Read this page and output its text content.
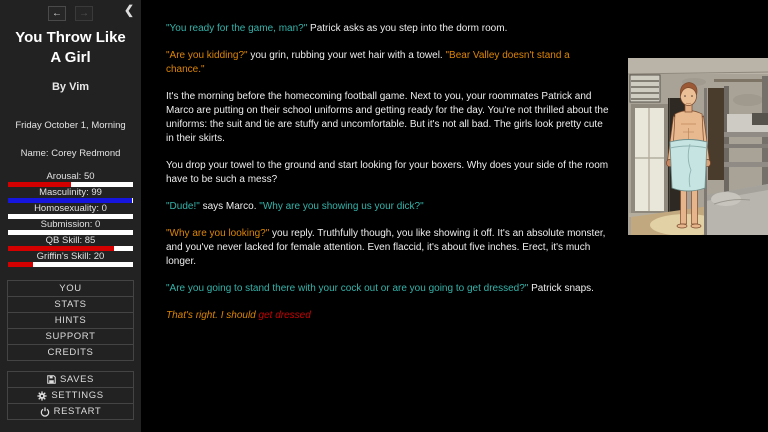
←	→	❮
You Throw Like A Girl
By Vim
Friday October 1, Morning
Name: Corey Redmond
Arousal: 50
Masculinity: 99
Homosexuality: 0
Submission: 0
QB Skill: 85
Griffin's Skill: 20
YOU
STATS
HINTS
SUPPORT
CREDITS
SAVES
SETTINGS
RESTART

"You ready for the game, man?" Patrick asks as you step into the dorm room.

"Are you kidding?" you grin, rubbing your wet hair with a towel. "Bear Valley doesn't stand a chance."

It's the morning before the homecoming football game. Next to you, your roommates Patrick and Marco are putting on their school uniforms and getting ready for the day. You're not thrilled about the uniforms: the suit and tie are stuffy and uncomfortable. But it's not all bad. The girls look pretty cute in their skirts.

You drop your towel to the ground and start looking for your boxers. Why does your side of the room have to be such a mess?

"Dude!" says Marco. "Why are you showing us your dick?"

"Why are you looking?" you reply. Truthfully though, you like showing it off. It's an absolute monster, and you've never lacked for female attention. Even flaccid, it's about five inches. Erect, it's much longer.

"Are you going to stand there with your cock out or are you going to get dressed?" Patrick snaps.

That's right. I should get dressed
